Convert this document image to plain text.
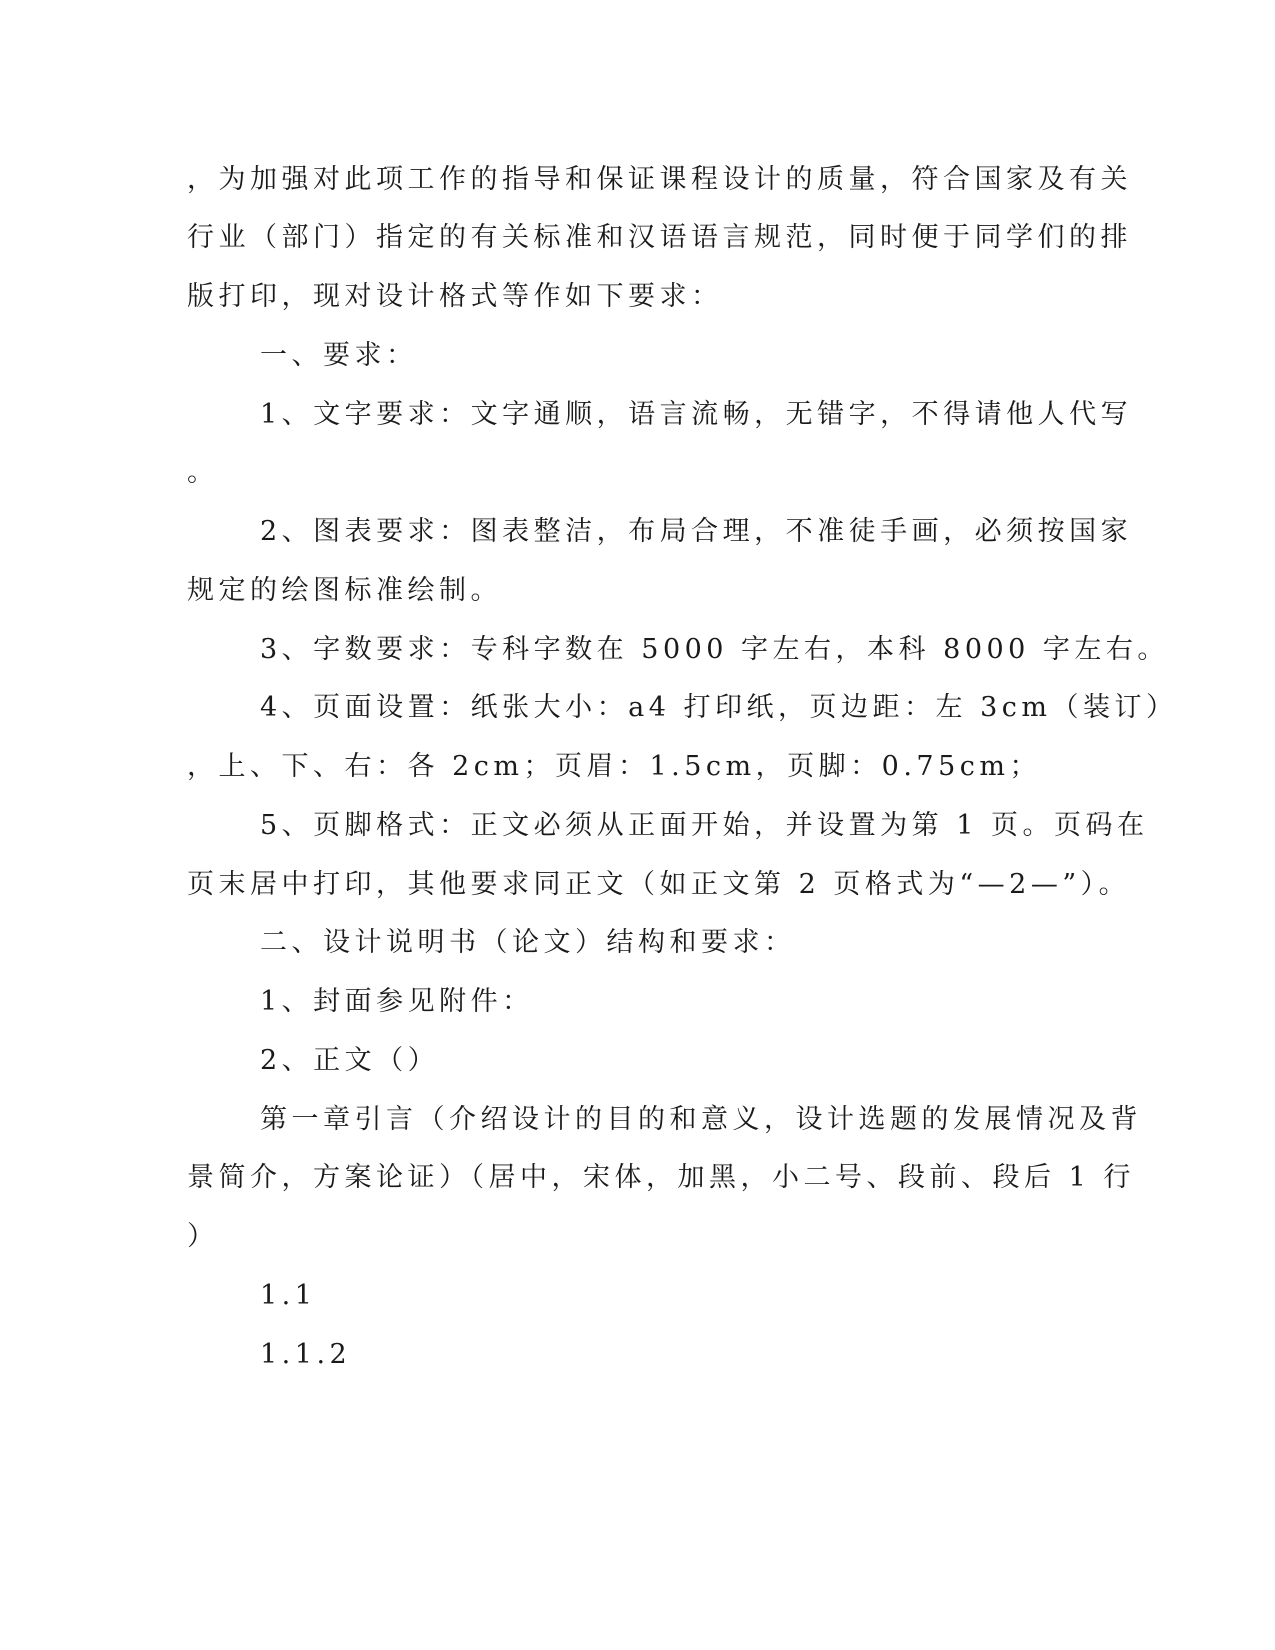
，为加强对此项工作的指导和保证课程设计的质量，符合国家及有关
行业（部门）指定的有关标准和汉语语言规范，同时便于同学们的排
版打印，现对设计格式等作如下要求：
一、要求：
1、文字要求：文字通顺，语言流畅，无错字，不得请他人代写
。
2、图表要求：图表整洁，布局合理，不准徒手画，必须按国家
规定的绘图标准绘制。
3、字数要求：专科字数在 5000 字左右，本科 8000 字左右。
4、页面设置：纸张大小：a4 打印纸，页边距：左 3cm（装订）
，上、下、右：各 2cm；页眉：1.5cm，页脚：0.75cm；
5、页脚格式：正文必须从正面开始，并设置为第 1 页。页码在
页末居中打印，其他要求同正文（如正文第 2 页格式为“—2—”）。
二、设计说明书（论文）结构和要求：
1、封面参见附件：
2、正文（）
第一章引言（介绍设计的目的和意义，设计选题的发展情况及背
景简介，方案论证）（居中，宋体，加黑，小二号、段前、段后 1 行
）
1.1
1.1.2
